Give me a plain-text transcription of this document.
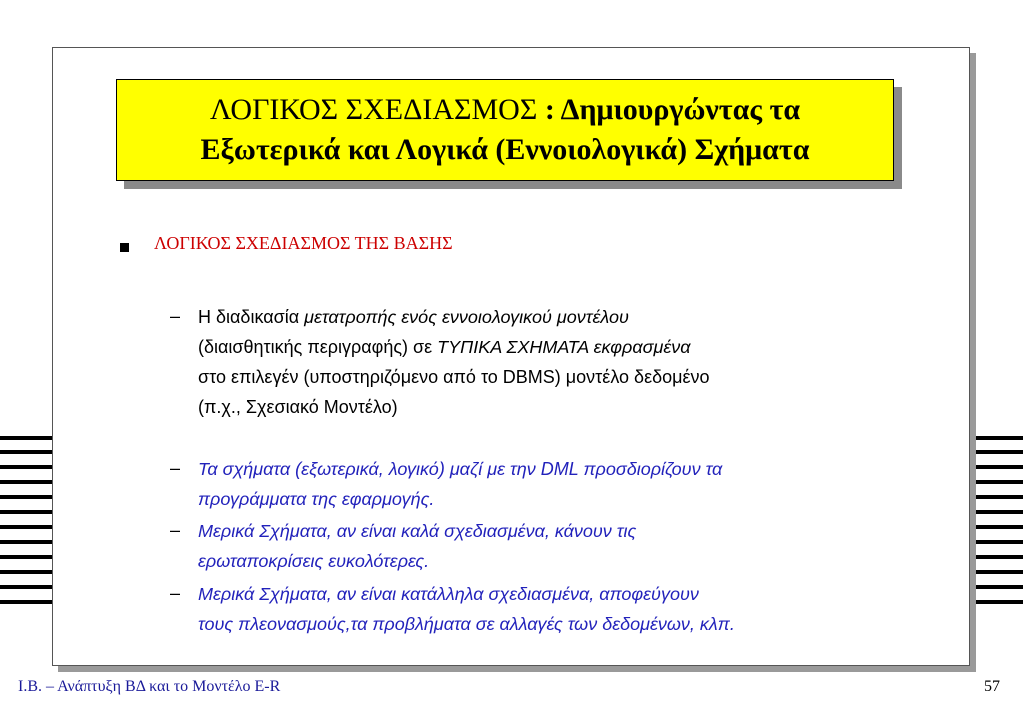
ΛΟΓΙΚΟΣ ΣΧΕΔΙΑΣΜΟΣ : Δημιουργώντας τα
Εξωτερικά και Λογικά (Εννοιολογικά) Σχήματα
ΛΟΓΙΚΟΣ ΣΧΕΔΙΑΣΜΟΣ ΤΗΣ ΒΑΣΗΣ
– Η διαδικασία μετατροπής ενός εννοιολογικού μοντέλου
(διαισθητικής περιγραφής) σε ΤΥΠΙΚΑ ΣΧΗΜΑΤΑ εκφρασμένα
στο επιλεγέν (υποστηριζόμενο από το DBMS) μοντέλο δεδομένο
(π.χ., Σχεσιακό Μοντέλο)
– Τα σχήματα (εξωτερικά, λογικό) μαζί με την DML προσδιορίζουν τα
προγράμματα της εφαρμογής.
– Μερικά Σχήματα, αν είναι καλά σχεδιασμένα, κάνουν τις
ερωταποκρίσεις ευκολότερες.
– Μερικά Σχήματα, αν είναι κατάλληλα σχεδιασμένα, αποφεύγουν
τους πλεονασμούς,τα προβλήματα σε αλλαγές των δεδομένων, κλπ.
Ι.Β. – Ανάπτυξη ΒΔ και το Μοντέλο Ε-R	57
